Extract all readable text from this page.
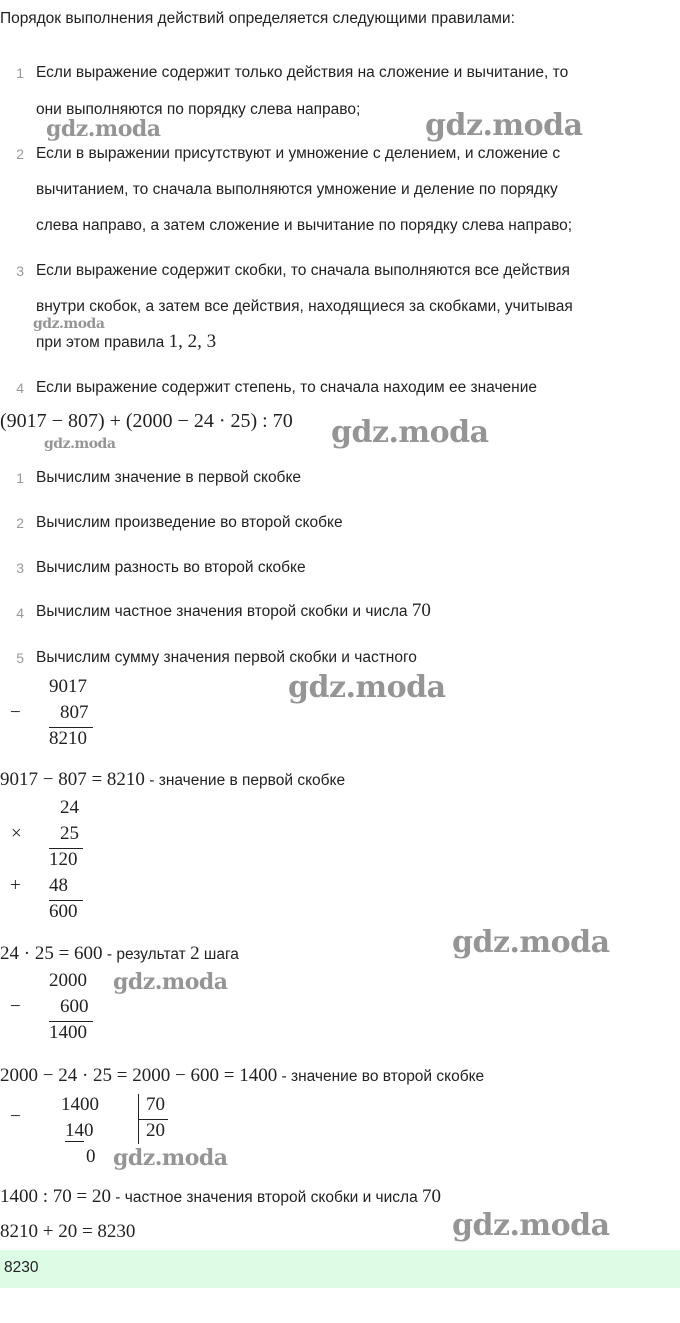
Порядок выполнения действий определяется следующими правилами:
1 Если выражение содержит только действия на сложение и вычитание, то
они выполняются по порядку слева направо;
2 Если в выражении присутствуют и умножение с делением, и сложение с
вычитанием, то сначала выполняются умножение и деление по порядку
слева направо, а затем сложение и вычитание по порядку слева направо;
3 Если выражение содержит скобки, то сначала выполняются все действия
внутри скобок, а затем все действия, находящиеся за скобками, учитывая
при этом правила 1, 2, 3
4 Если выражение содержит степень, то сначала находим ее значение
(9017 − 807) + (2000 − 24 · 25) : 70
1 Вычислим значение в первой скобке
2 Вычислим произведение во второй скобке
3 Вычислим разность во второй скобке
4 Вычислим частное значения второй скобки и числа 70
5 Вычислим сумму значения первой скобки и частного
9017
− 807
8210
9017 − 807 = 8210 - значение в первой скобке
24
× 25
120
+ 48
600
24 · 25 = 600 - результат 2 шага
2000
− 600
1400
2000 − 24 · 25 = 2000 − 600 = 1400 - значение во второй скобке
−
1400 70
20
140
0
1400 : 70 = 20 - частное значения второй скобки и числа 70
8210 + 20 = 8230
8230
gdz.moda	gdz.moda
gdz.moda
gdz.moda	gdz.moda
gdz.moda
gdz.moda
gdz.moda
gdz.moda
gdz.moda
